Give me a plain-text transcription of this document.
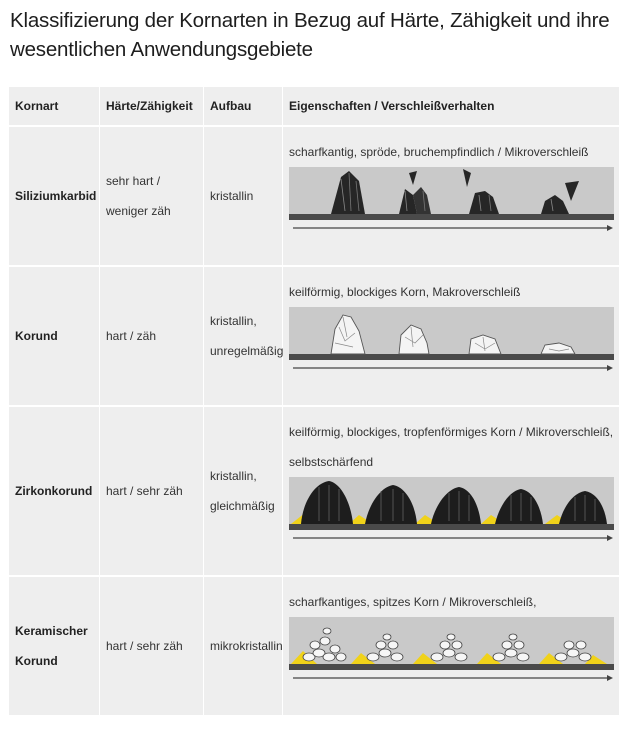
Klassifizierung der Kornarten in Bezug auf Härte, Zähigkeit und ihre wesentlichen Anwendungsgebiete
Kornart	Härte/Zähigkeit	Aufbau	Eigenschaften / Verschleißverhalten
Siliziumkarbid	sehr hart / weniger zäh	kristallin	scharfkantig, spröde, bruchempfindlich / Mikroverschleiß

Korund	hart / zäh	kristallin, unregelmäßig	keilförmig, blockiges Korn, Makroverschleiß

Zirkonkorund	hart / sehr zäh	kristallin, gleichmäßig	keilförmig, blockiges, tropfenförmiges Korn / Mikroverschleiß, selbstschärfend

Keramischer Korund	hart / sehr zäh	mikrokristallin	scharfkantiges, spitzes Korn / Mikroverschleiß,
